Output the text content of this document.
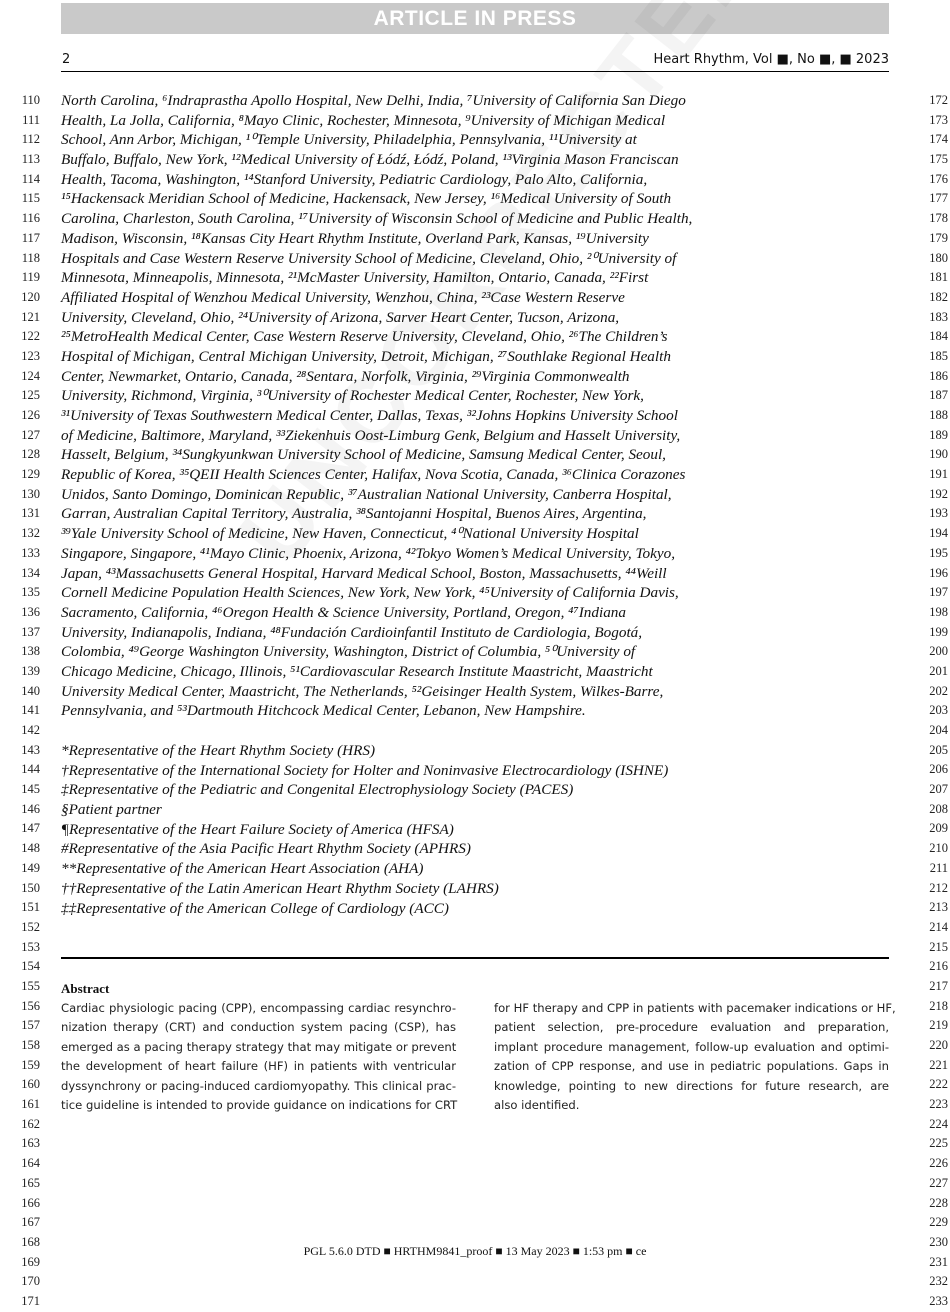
ARTICLE IN PRESS
2	Heart Rhythm, Vol ■, No ■, ■ 2023
110
111
112
113
114
115
116
117
118
119
120
121
122
123
124
125
126
127
128
129
130
131
132
133
134
135
136
137
138
139
140
141
142
143
144
145
146
147
148
149
150
151
152
153
154
155
156
157
158
159
160
161
162
163
164
165
166
167
168
169
170
171
172
173
174
175
176
177
178
179
180
181
182
183
184
185
186
187
188
189
190
191
192
193
194
195
196
197
198
199
200
201
202
203
204
205
206
207
208
209
210
211
212
213
214
215
216
217
218
219
220
221
222
223
224
225
226
227
228
229
230
231
232
233
North Carolina, ⁶Indraprastha Apollo Hospital, New Delhi, India, ⁷University of California San Diego
Health, La Jolla, California, ⁸Mayo Clinic, Rochester, Minnesota, ⁹University of Michigan Medical
School, Ann Arbor, Michigan, ¹⁰Temple University, Philadelphia, Pennsylvania, ¹¹University at
Buffalo, Buffalo, New York, ¹²Medical University of Łódź, Łódź, Poland, ¹³Virginia Mason Franciscan
Health, Tacoma, Washington, ¹⁴Stanford University, Pediatric Cardiology, Palo Alto, California,
¹⁵Hackensack Meridian School of Medicine, Hackensack, New Jersey, ¹⁶Medical University of South
Carolina, Charleston, South Carolina, ¹⁷University of Wisconsin School of Medicine and Public Health,
Madison, Wisconsin, ¹⁸Kansas City Heart Rhythm Institute, Overland Park, Kansas, ¹⁹University
Hospitals and Case Western Reserve University School of Medicine, Cleveland, Ohio, ²⁰University of
Minnesota, Minneapolis, Minnesota, ²¹McMaster University, Hamilton, Ontario, Canada, ²²First
Affiliated Hospital of Wenzhou Medical University, Wenzhou, China, ²³Case Western Reserve
University, Cleveland, Ohio, ²⁴University of Arizona, Sarver Heart Center, Tucson, Arizona,
²⁵MetroHealth Medical Center, Case Western Reserve University, Cleveland, Ohio, ²⁶The Children’s
Hospital of Michigan, Central Michigan University, Detroit, Michigan, ²⁷Southlake Regional Health
Center, Newmarket, Ontario, Canada, ²⁸Sentara, Norfolk, Virginia, ²⁹Virginia Commonwealth
University, Richmond, Virginia, ³⁰University of Rochester Medical Center, Rochester, New York,
³¹University of Texas Southwestern Medical Center, Dallas, Texas, ³²Johns Hopkins University School
of Medicine, Baltimore, Maryland, ³³Ziekenhuis Oost-Limburg Genk, Belgium and Hasselt University,
Hasselt, Belgium, ³⁴Sungkyunkwan University School of Medicine, Samsung Medical Center, Seoul,
Republic of Korea, ³⁵QEII Health Sciences Center, Halifax, Nova Scotia, Canada, ³⁶Clinica Corazones
Unidos, Santo Domingo, Dominican Republic, ³⁷Australian National University, Canberra Hospital,
Garran, Australian Capital Territory, Australia, ³⁸Santojanni Hospital, Buenos Aires, Argentina,
³⁹Yale University School of Medicine, New Haven, Connecticut, ⁴⁰National University Hospital
Singapore, Singapore, ⁴¹Mayo Clinic, Phoenix, Arizona, ⁴²Tokyo Women’s Medical University, Tokyo,
Japan, ⁴³Massachusetts General Hospital, Harvard Medical School, Boston, Massachusetts, ⁴⁴Weill
Cornell Medicine Population Health Sciences, New York, New York, ⁴⁵University of California Davis,
Sacramento, California, ⁴⁶Oregon Health & Science University, Portland, Oregon, ⁴⁷Indiana
University, Indianapolis, Indiana, ⁴⁸Fundación Cardioinfantil Instituto de Cardiologia, Bogotá,
Colombia, ⁴⁹George Washington University, Washington, District of Columbia, ⁵⁰University of
Chicago Medicine, Chicago, Illinois, ⁵¹Cardiovascular Research Institute Maastricht, Maastricht
University Medical Center, Maastricht, The Netherlands, ⁵²Geisinger Health System, Wilkes-Barre,
Pennsylvania, and ⁵³Dartmouth Hitchcock Medical Center, Lebanon, New Hampshire.
*Representative of the Heart Rhythm Society (HRS)
†Representative of the International Society for Holter and Noninvasive Electrocardiology (ISHNE)
‡Representative of the Pediatric and Congenital Electrophysiology Society (PACES)
§Patient partner
¶Representative of the Heart Failure Society of America (HFSA)
#Representative of the Asia Pacific Heart Rhythm Society (APHRS)
**Representative of the American Heart Association (AHA)
††Representative of the Latin American Heart Rhythm Society (LAHRS)
‡‡Representative of the American College of Cardiology (ACC)
Abstract
Cardiac physiologic pacing (CPP), encompassing cardiac resynchro-
nization therapy (CRT) and conduction system pacing (CSP), has
emerged as a pacing therapy strategy that may mitigate or prevent
the development of heart failure (HF) in patients with ventricular
dyssynchrony or pacing-induced cardiomyopathy. This clinical prac-
tice guideline is intended to provide guidance on indications for CRT
for HF therapy and CPP in patients with pacemaker indications or HF,
patient selection, pre-procedure evaluation and preparation,
implant procedure management, follow-up evaluation and optimi-
zation of CPP response, and use in pediatric populations. Gaps in
knowledge, pointing to new directions for future research, are
also identified.
PGL 5.6.0 DTD ■ HRTHM9841_proof ■ 13 May 2023 ■ 1:53 pm ■ ce
